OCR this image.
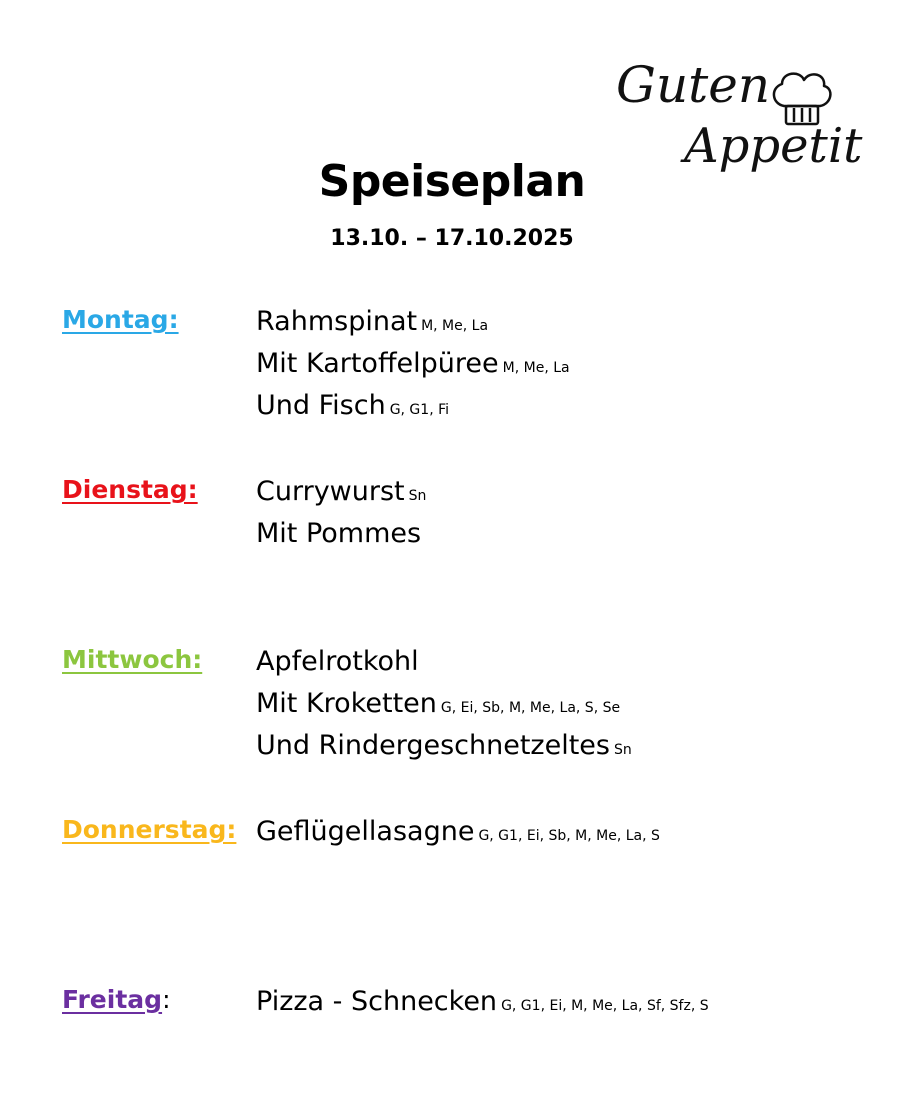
Guten
Appetit
Speiseplan
13.10. – 17.10.2025
Montag:	Rahmspinat M, Me, La
Mit Kartoffelpüree M, Me, La
Und Fisch G, G1, Fi
Dienstag: Currywurst Sn
Mit Pommes
Mittwoch: Apfelrotkohl
Mit Kroketten G, Ei, Sb, M, Me, La, S, Se
Und Rindergeschnetzeltes Sn
Donnerstag: Geflügellasagne G, G1, Ei, Sb, M, Me, La, S
Freitag:	Pizza - Schnecken G, G1, Ei, M, Me, La, Sf, Sfz, S
